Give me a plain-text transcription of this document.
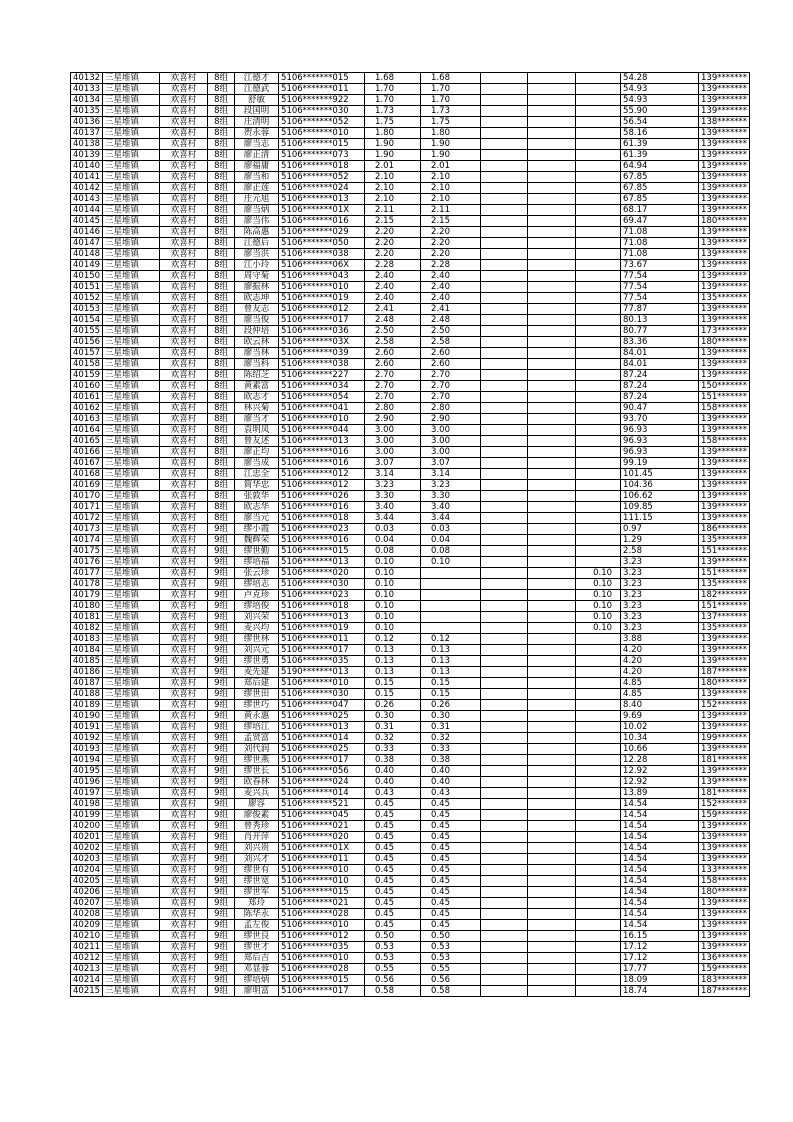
40132	三星堆镇	欢喜村	8组	江德才	5106*******015	1.68	1.68				54.28	139*******
40133	三星堆镇	欢喜村	8组	江德武	5106*******011	1.70	1.70				54.93	139*******
40134	三星堆镇	欢喜村	8组	舒敏	5106*******922	1.70	1.70				54.93	139*******
40135	三星堆镇	欢喜村	8组	段国明	5106*******030	1.73	1.73				55.90	139*******
40136	三星堆镇	欢喜村	8组	庄清明	5106*******052	1.75	1.75				56.54	138*******
40137	三星堆镇	欢喜村	8组	贺永蓉	5106*******010	1.80	1.80				58.16	139*******
40138	三星堆镇	欢喜村	8组	廖当志	5106*******015	1.90	1.90				61.39	139*******
40139	三星堆镇	欢喜村	8组	廖正清	5106*******073	1.90	1.90				61.39	139*******
40140	三星堆镇	欢喜村	8组	廖福庸	5106*******018	2.01	2.01				64.94	139*******
40141	三星堆镇	欢喜村	8组	廖当和	5106*******052	2.10	2.10				67.85	139*******
40142	三星堆镇	欢喜村	8组	廖正莲	5106*******024	2.10	2.10				67.85	139*******
40143	三星堆镇	欢喜村	8组	庄元旭	5106*******013	2.10	2.10				67.85	139*******
40144	三星堆镇	欢喜村	8组	廖当炳	5106*******01X	2.11	2.11				68.17	139*******
40145	三星堆镇	欢喜村	8组	廖当伟	5106*******016	2.15	2.15				69.47	180*******
40146	三星堆镇	欢喜村	8组	陈高惠	5106*******029	2.20	2.20				71.08	139*******
40147	三星堆镇	欢喜村	8组	江德后	5106*******050	2.20	2.20				71.08	139*******
40148	三星堆镇	欢喜村	8组	廖当洪	5106*******038	2.20	2.20				71.08	139*******
40149	三星堆镇	欢喜村	8组	江小玲	5106*******06X	2.28	2.28				73.67	139*******
40150	三星堆镇	欢喜村	8组	周守菊	5106*******043	2.40	2.40				77.54	139*******
40151	三星堆镇	欢喜村	8组	廖振林	5106*******010	2.40	2.40				77.54	139*******
40152	三星堆镇	欢喜村	8组	欧志坤	5106*******019	2.40	2.40				77.54	135*******
40153	三星堆镇	欢喜村	8组	曾友志	5106*******012	2.41	2.41				77.87	139*******
40154	三星堆镇	欢喜村	8组	廖当俊	5106*******017	2.48	2.48				80.13	139*******
40155	三星堆镇	欢喜村	8组	段仲培	5106*******036	2.50	2.50				80.77	173*******
40156	三星堆镇	欢喜村	8组	欧云林	5106*******03X	2.58	2.58				83.36	180*******
40157	三星堆镇	欢喜村	8组	廖当林	5106*******039	2.60	2.60				84.01	139*******
40158	三星堆镇	欢喜村	8组	廖当科	5106*******038	2.60	2.60				84.01	139*******
40159	三星堆镇	欢喜村	8组	陈绍芝	5106*******227	2.70	2.70				87.24	139*******
40160	三星堆镇	欢喜村	8组	黄素富	5106*******034	2.70	2.70				87.24	150*******
40161	三星堆镇	欢喜村	8组	欧志才	5106*******054	2.70	2.70				87.24	151*******
40162	三星堆镇	欢喜村	8组	林兴菊	5106*******041	2.80	2.80				90.47	158*******
40163	三星堆镇	欢喜村	8组	廖当才	5106*******010	2.90	2.90				93.70	139*******
40164	三星堆镇	欢喜村	8组	袁明凤	5106*******044	3.00	3.00				96.93	139*******
40165	三星堆镇	欢喜村	8组	曾友述	5106*******013	3.00	3.00				96.93	158*******
40166	三星堆镇	欢喜村	8组	廖正均	5106*******016	3.00	3.00				96.93	139*******
40167	三星堆镇	欢喜村	8组	廖当成	5106*******016	3.07	3.07				99.19	139*******
40168	三星堆镇	欢喜村	8组	江忠全	5106*******012	3.14	3.14				101.45	139*******
40169	三星堆镇	欢喜村	8组	简华忠	5106*******012	3.23	3.23				104.36	139*******
40170	三星堆镇	欢喜村	8组	张敦华	5106*******026	3.30	3.30				106.62	139*******
40171	三星堆镇	欢喜村	8组	欧志华	5106*******016	3.40	3.40				109.85	139*******
40172	三星堆镇	欢喜村	8组	廖当元	5106*******018	3.44	3.44				111.15	139*******
40173	三星堆镇	欢喜村	9组	缪小霞	5106*******023	0.03	0.03				0.97	186*******
40174	三星堆镇	欢喜村	9组	魏辉荣	5106*******016	0.04	0.04				1.29	135*******
40175	三星堆镇	欢喜村	9组	缪世勤	5106*******015	0.08	0.08				2.58	151*******
40176	三星堆镇	欢喜村	9组	缪培福	5106*******013	0.10	0.10				3.23	139*******
40177	三星堆镇	欢喜村	9组	张云珍	5106*******020	0.10				0.10	3.23	151*******
40178	三星堆镇	欢喜村	9组	缪培志	5106*******030	0.10				0.10	3.23	135*******
40179	三星堆镇	欢喜村	9组	卢克珍	5106*******023	0.10				0.10	3.23	182*******
40180	三星堆镇	欢喜村	9组	缪培俊	5106*******018	0.10				0.10	3.23	151*******
40181	三星堆镇	欢喜村	9组	刘兴荣	5106*******013	0.10				0.10	3.23	137*******
40182	三星堆镇	欢喜村	9组	麦兴均	5106*******019	0.10				0.10	3.23	135*******
40183	三星堆镇	欢喜村	9组	缪世林	5106*******011	0.12	0.12				3.88	139*******
40184	三星堆镇	欢喜村	9组	刘兴元	5106*******017	0.13	0.13				4.20	139*******
40185	三星堆镇	欢喜村	9组	缪世勇	5106*******035	0.13	0.13				4.20	139*******
40186	三星堆镇	欢喜村	9组	麦先建	5190*******013	0.13	0.13				4.20	187*******
40187	三星堆镇	欢喜村	9组	郑后建	5106*******010	0.15	0.15				4.85	180*******
40188	三星堆镇	欢喜村	9组	缪世田	5106*******030	0.15	0.15				4.85	139*******
40189	三星堆镇	欢喜村	9组	缪世巧	5106*******047	0.26	0.26				8.40	152*******
40190	三星堆镇	欢喜村	9组	黄永惠	5106*******025	0.30	0.30				9.69	139*******
40191	三星堆镇	欢喜村	9组	缪培江	5106*******013	0.31	0.31				10.02	139*******
40192	三星堆镇	欢喜村	9组	孟贤富	5106*******014	0.32	0.32				10.34	199*******
40193	三星堆镇	欢喜村	9组	刘代润	5106*******025	0.33	0.33				10.66	139*******
40194	三星堆镇	欢喜村	9组	缪世燕	5106*******017	0.38	0.38				12.28	181*******
40195	三星堆镇	欢喜村	9组	缪世长	5106*******056	0.40	0.40				12.92	139*******
40196	三星堆镇	欢喜村	9组	欧春林	5106*******024	0.40	0.40				12.92	139*******
40197	三星堆镇	欢喜村	9组	麦兴兵	5106*******014	0.43	0.43				13.89	181*******
40198	三星堆镇	欢喜村	9组	廖容	5106*******521	0.45	0.45				14.54	152*******
40199	三星堆镇	欢喜村	9组	廖俊素	5106*******045	0.45	0.45				14.54	159*******
40200	三星堆镇	欢喜村	9组	曾秀珍	5106*******021	0.45	0.45				14.54	139*******
40201	三星堆镇	欢喜村	9组	肖开萍	5106*******020	0.45	0.45				14.54	139*******
40202	三星堆镇	欢喜村	9组	刘兴贵	5106*******01X	0.45	0.45				14.54	139*******
40203	三星堆镇	欢喜村	9组	刘兴才	5106*******011	0.45	0.45				14.54	139*******
40204	三星堆镇	欢喜村	9组	缪世有	5106*******010	0.45	0.45				14.54	133*******
40205	三星堆镇	欢喜村	9组	缪世宽	5106*******010	0.45	0.45				14.54	158*******
40206	三星堆镇	欢喜村	9组	缪世军	5106*******015	0.45	0.45				14.54	180*******
40207	三星堆镇	欢喜村	9组	郑玲	5106*******021	0.45	0.45				14.54	139*******
40208	三星堆镇	欢喜村	9组	陈华永	5106*******028	0.45	0.45				14.54	139*******
40209	三星堆镇	欢喜村	9组	孟左俊	5106*******010	0.45	0.45				14.54	139*******
40210	三星堆镇	欢喜村	9组	缪世良	5106*******012	0.50	0.50				16.15	139*******
40211	三星堆镇	欢喜村	9组	缪世才	5106*******035	0.53	0.53				17.12	139*******
40212	三星堆镇	欢喜村	9组	郑后吉	5106*******010	0.53	0.53				17.12	136*******
40213	三星堆镇	欢喜村	9组	邓显蓉	5106*******028	0.55	0.55				17.77	159*******
40214	三星堆镇	欢喜村	9组	缪培炳	5106*******015	0.56	0.56				18.09	183*******
40215	三星堆镇	欢喜村	9组	廖明富	5106*******017	0.58	0.58				18.74	187*******
